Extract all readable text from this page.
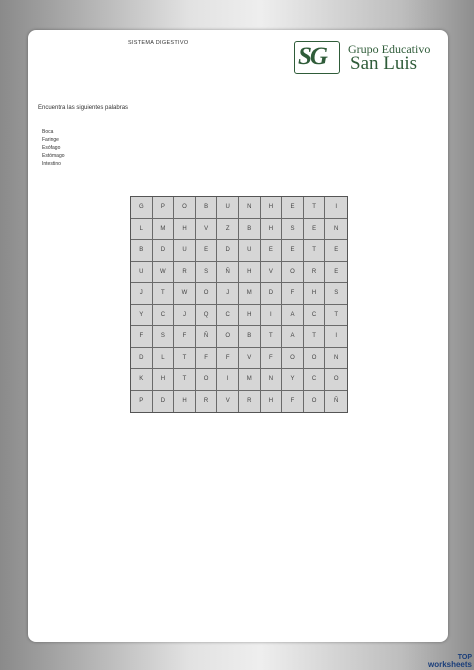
SISTEMA DIGESTIVO	SG Grupo Educativo
San Luis
Encuentra las siguientes palabras
Boca
Faringe
Esófago
Estómago
Intestino
G	P	O	B	U	N	H	E	T	I
L	M	H	V	Z	B	H	S	E	N
B	D	U	E	D	U	E	E	T	E
U	W	R	S	Ñ	H	V	O	R	E
J	T	W	O	J	M	D	F	H	S
Y	C	J	Q	C	H	I	A	C	T
F	S	F	Ñ	O	B	T	A	T	I
D	L	T	F	F	V	F	O	O	N
K	H	T	O	I	M	N	Y	C	O
P	D	H	R	V	R	H	F	O	Ñ
TOP
worksheets
